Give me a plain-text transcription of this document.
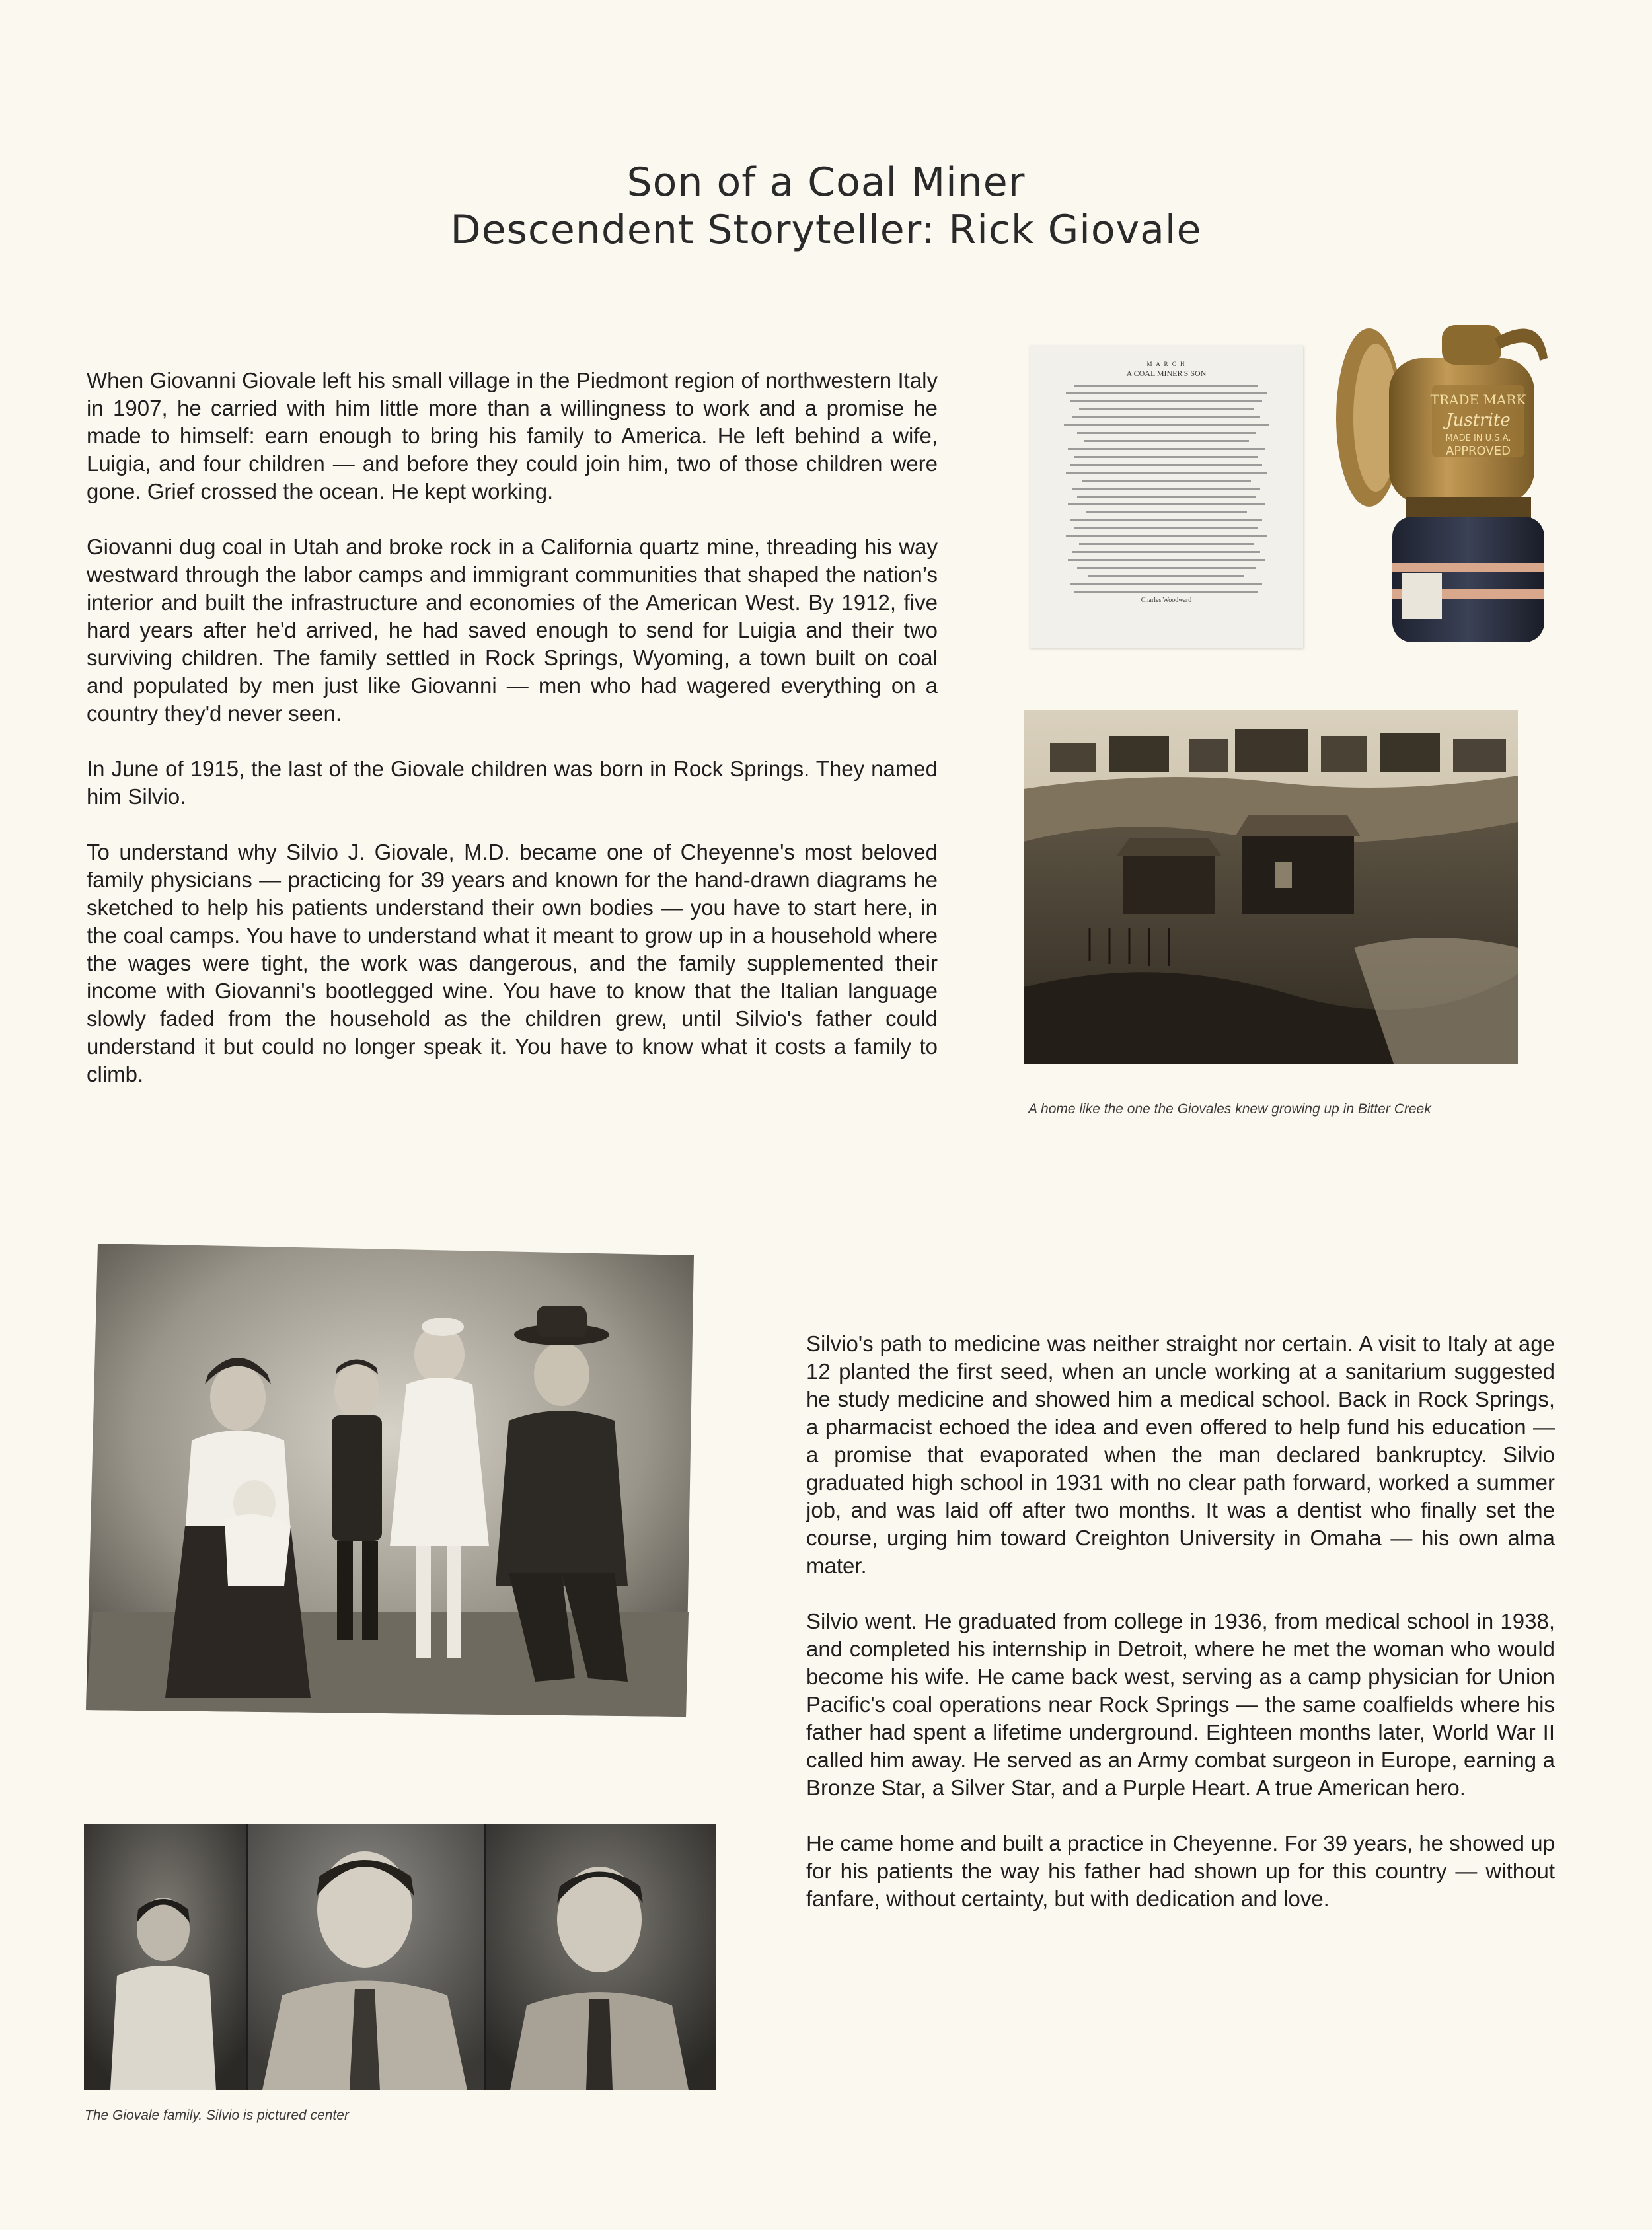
Son of a Coal Miner
Descendent Storyteller: Rick Giovale

When Giovanni Giovale left his small village in the Piedmont region of northwestern Italy in 1907, he carried with him little more than a willingness to work and a promise he made to himself: earn enough to bring his family to America. He left behind a wife, Luigia, and four children — and before they could join him, two of those children were gone. Grief crossed the ocean. He kept working.

Giovanni dug coal in Utah and broke rock in a California quartz mine, threading his way westward through the labor camps and immigrant communities that shaped the nation’s interior and built the infrastructure and economies of the American West. By 1912, five hard years after he'd arrived, he had saved enough to send for Luigia and their two surviving children. The family settled in Rock Springs, Wyoming, a town built on coal and populated by men just like Giovanni — men who had wagered everything on a country they'd never seen.

In June of 1915, the last of the Giovale children was born in Rock Springs. They named him Silvio.

To understand why Silvio J. Giovale, M.D. became one of Cheyenne's most beloved family physicians — practicing for 39 years and known for the hand-drawn diagrams he sketched to help his patients understand their own bodies — you have to start here, in the coal camps. You have to understand what it meant to grow up in a household where the wages were tight, the work was dangerous, and the family supplemented their income with Giovanni's bootlegged wine. You have to know that the Italian language slowly faded from the household as the children grew, until Silvio's father could understand it but could no longer speak it. You have to know what it costs a family to climb.

M A R C H
A COAL MINER'S SON
Charles Woodward
TRADE MARK
Justrite
MADE IN U.S.A.
APPROVED
A home like the one the Giovales knew growing up in Bitter Creek
The Giovale family. Silvio is pictured center

Silvio's path to medicine was neither straight nor certain. A visit to Italy at age 12 planted the first seed, when an uncle working at a sanitarium suggested he study medicine and showed him a medical school. Back in Rock Springs, a pharmacist echoed the idea and even offered to help fund his education — a promise that evaporated when the man declared bankruptcy. Silvio graduated high school in 1931 with no clear path forward, worked a summer job, and was laid off after two months. It was a dentist who finally set the course, urging him toward Creighton University in Omaha — his own alma mater.

Silvio went. He graduated from college in 1936, from medical school in 1938, and completed his internship in Detroit, where he met the woman who would become his wife. He came back west, serving as a camp physician for Union Pacific's coal operations near Rock Springs — the same coalfields where his father had spent a lifetime underground. Eighteen months later, World War II called him away. He served as an Army combat surgeon in Europe, earning a Bronze Star, a Silver Star, and a Purple Heart. A true American hero.

He came home and built a practice in Cheyenne. For 39 years, he showed up for his patients the way his father had shown up for this country — without fanfare, without certainty, but with dedication and love.
